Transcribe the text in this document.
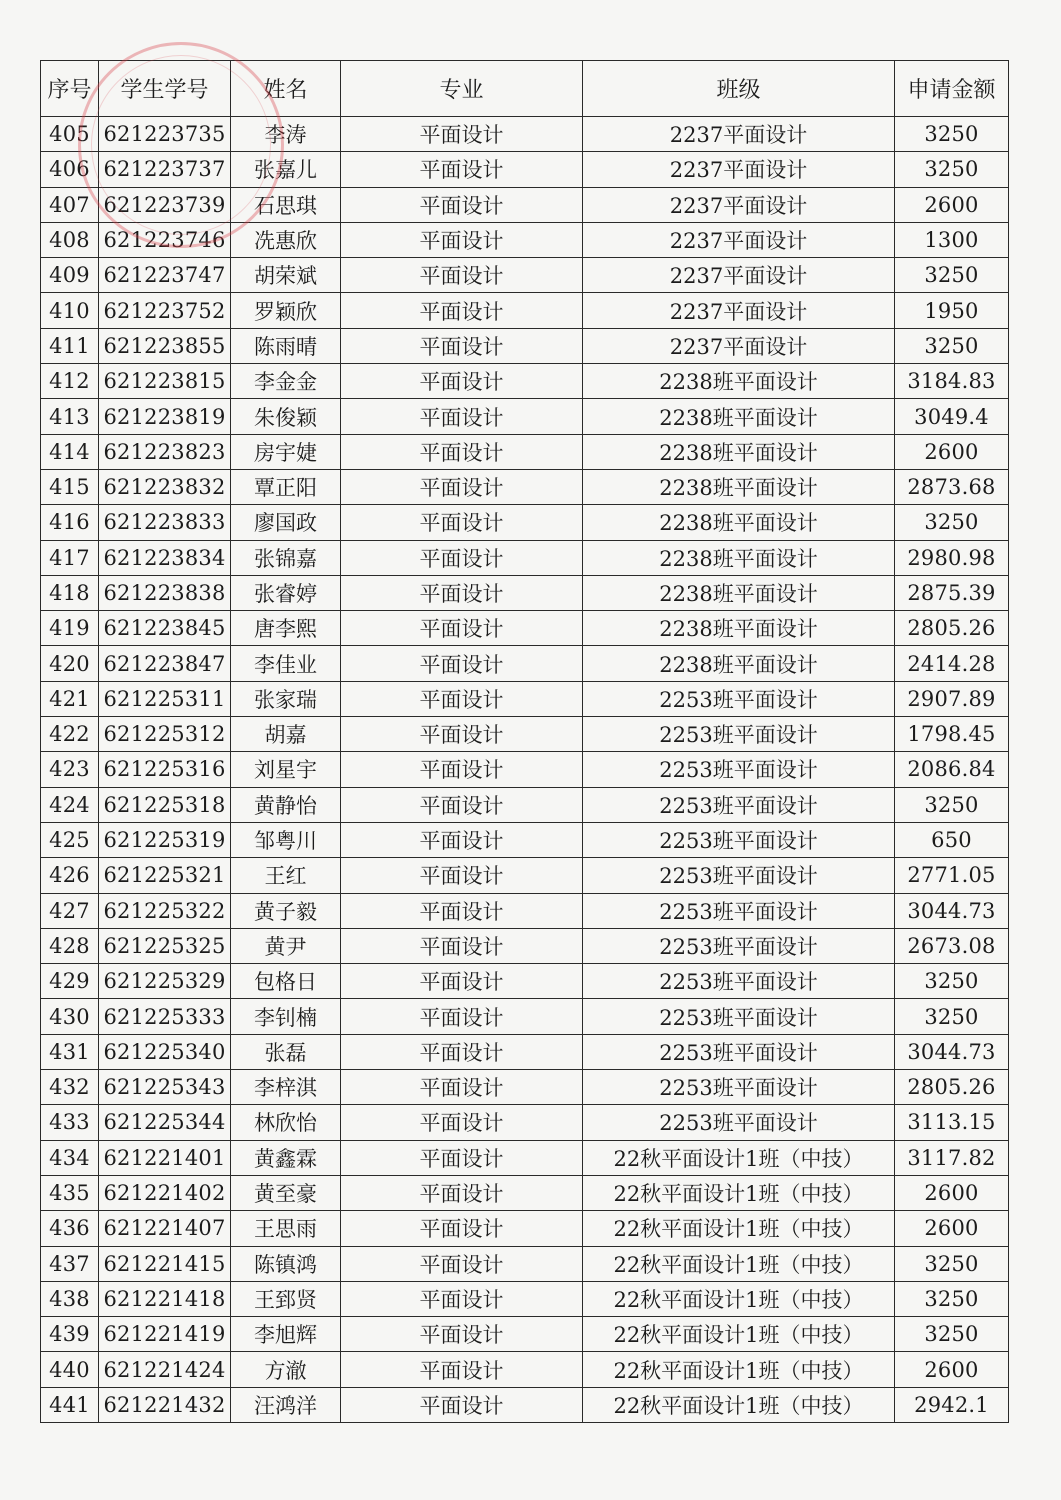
序号	学生学号	姓名	专业	班级	申请金额
405	621223735	李涛	平面设计	2237平面设计	3250
406	621223737	张嘉儿	平面设计	2237平面设计	3250
407	621223739	石思琪	平面设计	2237平面设计	2600
408	621223746	冼惠欣	平面设计	2237平面设计	1300
409	621223747	胡荣斌	平面设计	2237平面设计	3250
410	621223752	罗颖欣	平面设计	2237平面设计	1950
411	621223855	陈雨晴	平面设计	2237平面设计	3250
412	621223815	李金金	平面设计	2238班平面设计	3184.83
413	621223819	朱俊颖	平面设计	2238班平面设计	3049.4
414	621223823	房宇婕	平面设计	2238班平面设计	2600
415	621223832	覃正阳	平面设计	2238班平面设计	2873.68
416	621223833	廖国政	平面设计	2238班平面设计	3250
417	621223834	张锦嘉	平面设计	2238班平面设计	2980.98
418	621223838	张睿婷	平面设计	2238班平面设计	2875.39
419	621223845	唐李熙	平面设计	2238班平面设计	2805.26
420	621223847	李佳业	平面设计	2238班平面设计	2414.28
421	621225311	张家瑞	平面设计	2253班平面设计	2907.89
422	621225312	胡嘉	平面设计	2253班平面设计	1798.45
423	621225316	刘星宇	平面设计	2253班平面设计	2086.84
424	621225318	黄静怡	平面设计	2253班平面设计	3250
425	621225319	邹粤川	平面设计	2253班平面设计	650
426	621225321	王红	平面设计	2253班平面设计	2771.05
427	621225322	黄子毅	平面设计	2253班平面设计	3044.73
428	621225325	黄尹	平面设计	2253班平面设计	2673.08
429	621225329	包格日	平面设计	2253班平面设计	3250
430	621225333	李钊楠	平面设计	2253班平面设计	3250
431	621225340	张磊	平面设计	2253班平面设计	3044.73
432	621225343	李梓淇	平面设计	2253班平面设计	2805.26
433	621225344	林欣怡	平面设计	2253班平面设计	3113.15
434	621221401	黄鑫霖	平面设计	22秋平面设计1班（中技）	3117.82
435	621221402	黄至豪	平面设计	22秋平面设计1班（中技）	2600
436	621221407	王思雨	平面设计	22秋平面设计1班（中技）	2600
437	621221415	陈镇鸿	平面设计	22秋平面设计1班（中技）	3250
438	621221418	王郅贤	平面设计	22秋平面设计1班（中技）	3250
439	621221419	李旭辉	平面设计	22秋平面设计1班（中技）	3250
440	621221424	方澈	平面设计	22秋平面设计1班（中技）	2600
441	621221432	汪鸿洋	平面设计	22秋平面设计1班（中技）	2942.1
